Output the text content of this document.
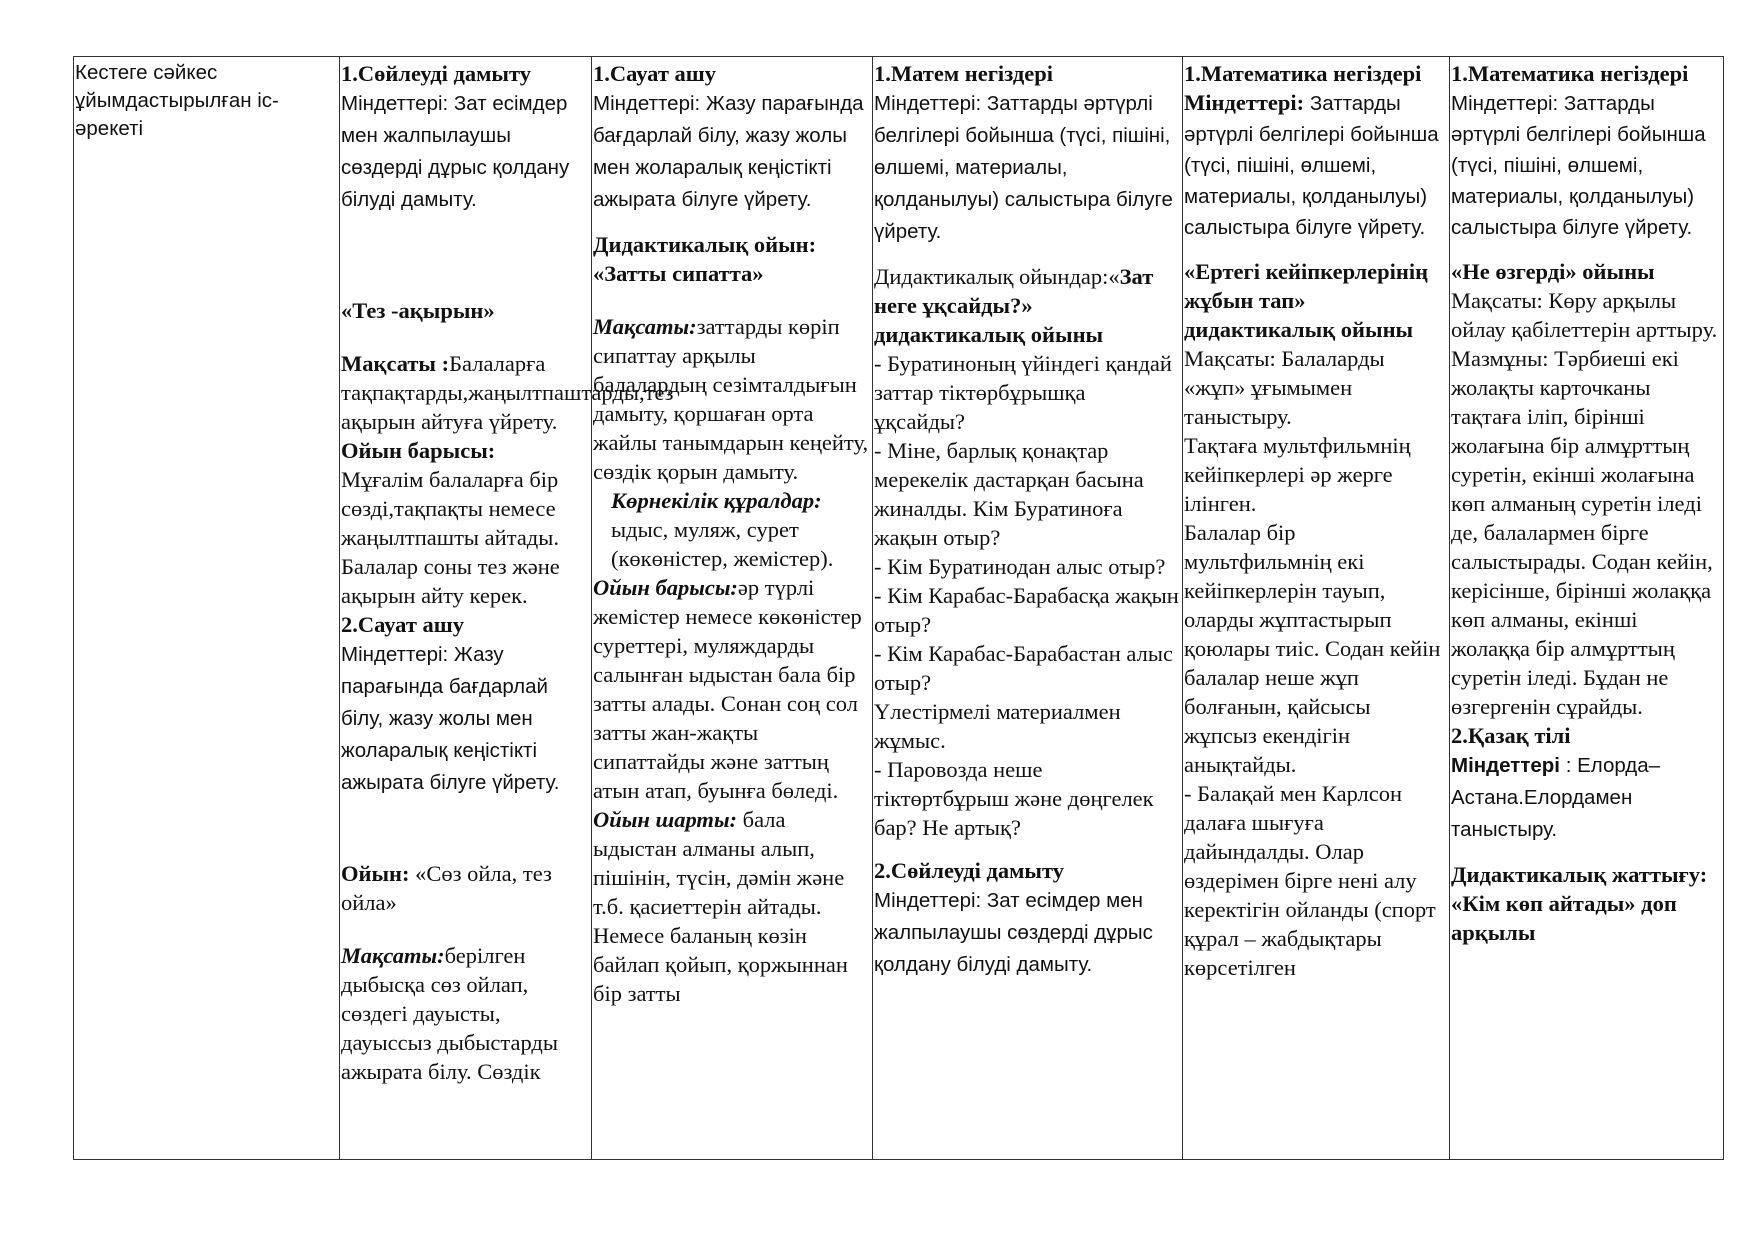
Кестеге сәйкес ұйымдастырылған іс-әрекеті

1.Сөйлеуді дамыту
Міндеттері: Зат есімдер мен жалпылаушы сөздерді дұрыс қолдану білуді дамыту.
«Тез -ақырын»
Мақсаты :Балаларға тақпақтарды,жаңылтпаштарды,тез ақырын айтуға үйрету.
Ойын барысы:
Мұғалім балаларға бір сөзді,тақпақты немесе жаңылтпашты айтады. Балалар соны тез және ақырын айту керек.
2.Сауат ашу
Міндеттері: Жазу парағында бағдарлай білу, жазу жолы мен жоларалық кеңістікті ажырата білуге үйрету.
Ойын: «Сөз ойла, тез ойла»
Мақсаты:берілген дыбысқа сөз ойлап, сөздегі дауысты, дауыссыз дыбыстарды ажырата білу. Сөздік

1.Сауат ашу
Міндеттері: Жазу парағында бағдарлай білу, жазу жолы мен жоларалық кеңістікті ажырата білуге үйрету.
Дидактикалық ойын: «Затты сипатта»
Мақсаты:заттарды көріп сипаттау арқылы балалардың сезімталдығын дамыту, қоршаған орта жайлы танымдарын кеңейту, сөздік қорын дамыту.
Көрнекілік құралдар: ыдыс, муляж, сурет (көкөністер, жемістер).
Ойын барысы:әр түрлі жемістер немесе көкөністер суреттері, муляждарды салынған ыдыстан бала бір затты алады. Сонан соң сол затты жан-жақты сипаттайды және заттың атын атап, буынға бөледі.
Ойын шарты: бала ыдыстан алманы алып, пішінін, түсін, дәмін және т.б. қасиеттерін айтады. Немесе баланың көзін байлап қойып, қоржыннан бір затты

1.Матем негіздері
Міндеттері: Заттарды әртүрлі белгілері бойынша (түсі, пішіні, өлшемі, материалы, қолданылуы) салыстыра білуге үйрету.
Дидактикалық ойындар:«Зат неге ұқсайды?» дидактикалық ойыны
- Буратиноның үйіндегі қандай заттар тіктөрбұрышқа ұқсайды?
- Міне, барлық қонақтар мерекелік дастарқан басына жиналды. Кім Буратиноға жақын отыр?
- Кім Буратинодан алыс отыр?
- Кім Карабас-Барабасқа жақын отыр?
- Кім Карабас-Барабастан алыс отыр?
Үлестірмелі материалмен жұмыс.
- Паровозда неше тіктөртбұрыш және дөңгелек бар? Не артық?
2.Сөйлеуді дамыту
Міндеттері: Зат есімдер мен жалпылаушы сөздерді дұрыс қолдану білуді дамыту.

1.Математика негіздері
Міндеттері: Заттарды әртүрлі белгілері бойынша (түсі, пішіні, өлшемі, материалы, қолданылуы) салыстыра білуге үйрету.
«Ертегі кейіпкерлерінің жұбын тап» дидактикалық ойыны
Мақсаты: Балаларды «жұп» ұғымымен таныстыру.
Тақтаға мультфильмнің кейіпкерлері әр жерге ілінген.
Балалар бір мультфильмнің екі кейіпкерлерін тауып, оларды жұптастырып қоюлары тиіс. Содан кейін балалар неше жұп болғанын, қайсысы жұпсыз екендігін анықтайды.
- Балақай мен Карлсон далаға шығуға дайындалды. Олар өздерімен бірге нені алу керектігін ойланды (спорт құрал – жабдықтары көрсетілген

1.Математика негіздері
Міндеттері: Заттарды әртүрлі белгілері бойынша (түсі, пішіні, өлшемі, материалы, қолданылуы) салыстыра білуге үйрету.
«Не өзгерді» ойыны
Мақсаты: Көру арқылы ойлау қабілеттерін арттыру.
Мазмұны: Тәрбиеші екі жолақты карточканы тақтаға іліп, бірінші жолағына бір алмұрттың суретін, екінші жолағына көп алманың суретін іледі де, балалармен бірге салыстырады. Содан кейін, керісінше, бірінші жолаққа көп алманы, екінші жолаққа бір алмұрттың суретін іледі. Бұдан не өзгергенін сұрайды.
2.Қазақ тілі
Міндеттері : Елорда–Астана.Елордамен таныстыру.
Дидактикалық жаттығу:
«Кім көп айтады» доп арқылы
